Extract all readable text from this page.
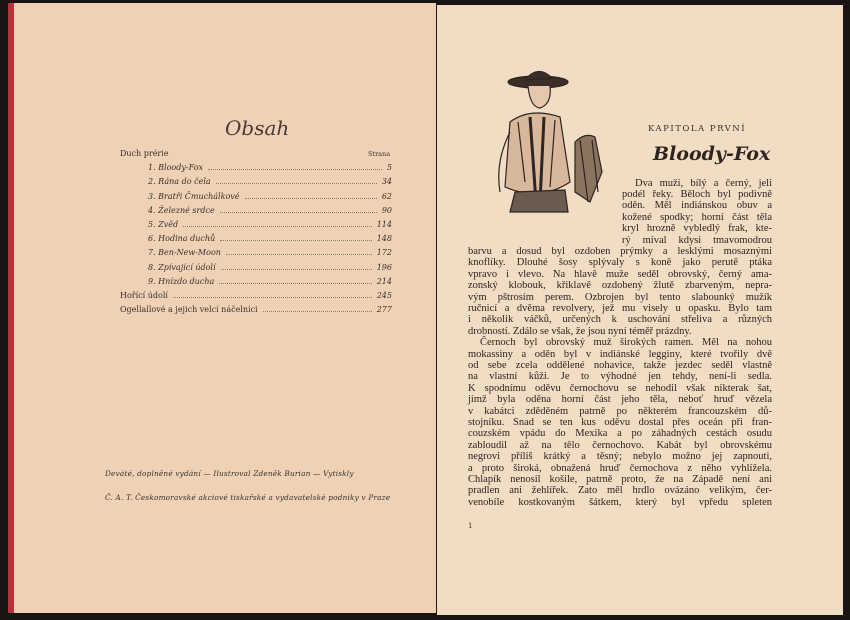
Obsah
Strana
Duch prérie
1. Bloody-Fox	5
2. Rána do čela	34
3. Bratři Čmuchálkové	62
4. Železné srdce	90
5. Zvěd	114
6. Hodina duchů	148
7. Ben-New-Moon	172
8. Zpívající údolí	196
9. Hnízdo ducha	214
Hořící údolí	245
Ogellallové a jejich velcí náčelníci	277
Deváté, doplněné vydání — Ilustroval Zdeněk Burian — Vytiskly
Č. A. T. Českomoravské akciové tiskařské a vydavatelské podniky v Praze
KAPITOLA PRVNÍ
Bloody-Fox
Dva muži, bílý a černý, jeli
podél řeky. Běloch byl podivně
oděn. Měl indiánskou obuv a
kožené spodky; horní část těla
kryl hrozně vybledlý frak, kte-
rý míval kdysi tmavomodrou
barvu a dosud byl ozdoben prýmky a lesklými mosaznými
knoflíky. Dlouhé šosy splývaly s koně jako perutě ptáka
vpravo i vlevo. Na hlavě muže seděl obrovský, černý ama-
zonský klobouk, křiklavě ozdobený žlutě zbarveným, nepra-
vým pštrosím perem. Ozbrojen byl tento slabounký mužík
ručnicí a dvěma revolvery, jež mu visely u opasku. Bylo tam
i několik váčků, určených k uschování střeliva a různých
drobností. Zdálo se však, že jsou nyní téměř prázdny.
Černoch byl obrovský muž širokých ramen. Měl na nohou
mokassiny a oděn byl v indiánské legginy, které tvořily dvě
od sebe zcela oddělené nohavice, takže jezdec seděl vlastně
na vlastní kůži. Je to výhodné jen tehdy, není-li sedla.
K spodnímu oděvu černochovu se nehodil však nikterak šat,
jímž byla oděna horní část jeho těla, neboť hruď vězela
v kabátci zděděném patrně po některém francouzském dů-
stojníku. Snad se ten kus oděvu dostal přes oceán při fran-
couzském vpádu do Mexika a po záhadných cestách osudu
zabloudil až na tělo černochovo. Kabát byl obrovskému
negrovi příliš krátký a těsný; nebylo možno jej zapnouti,
a proto široká, obnažená hruď černochova z něho vyhlížela.
Chlapík nenosil košile, patrně proto, že na Západě není ani
pradlen ani žehlířek. Zato měl hrdlo ovázáno velikým, čer-
venobíle kostkovaným šátkem, který byl vpředu spleten
1
